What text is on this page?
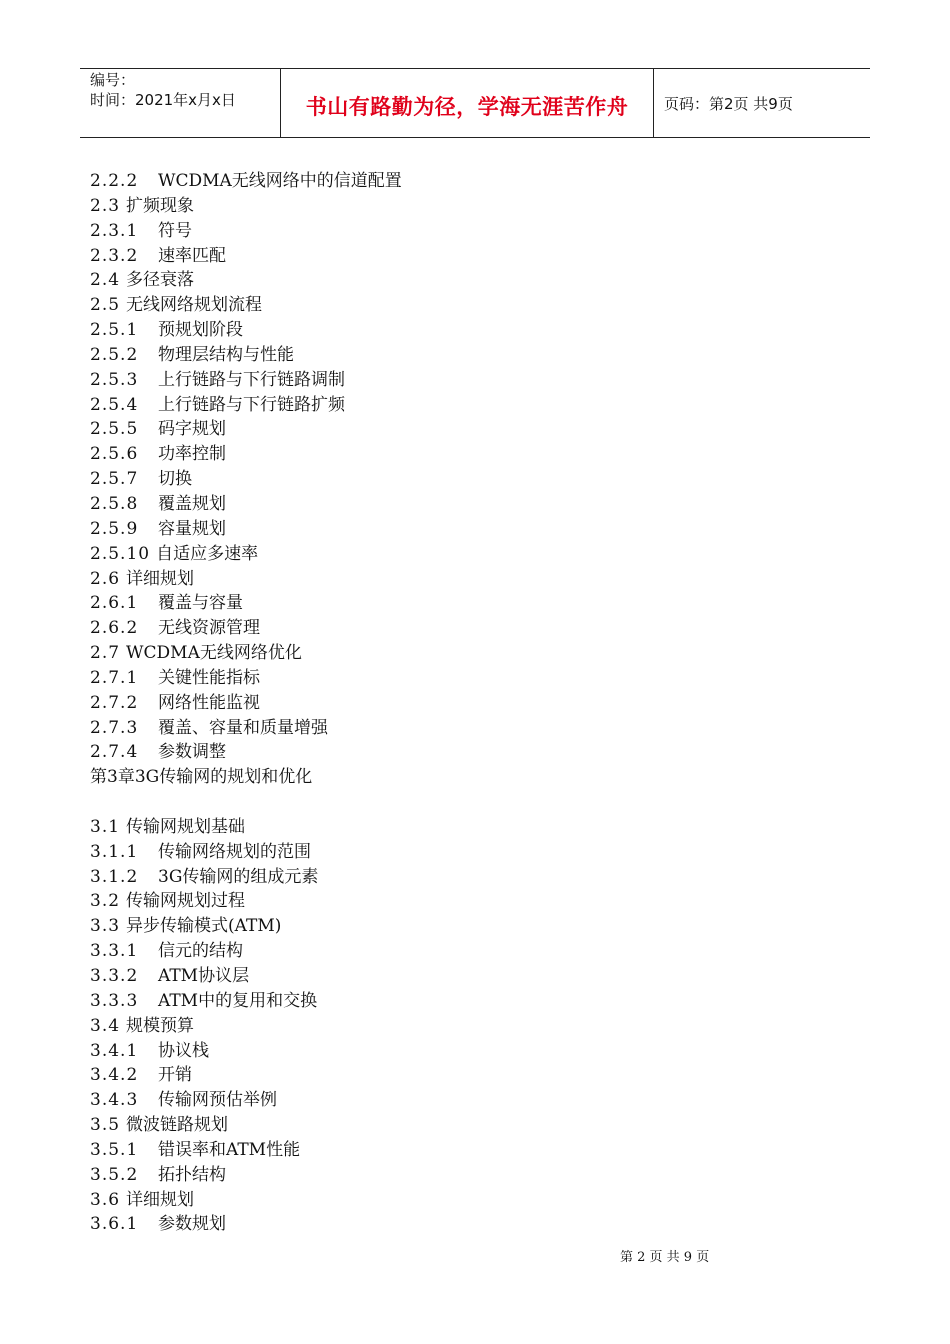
编号：
时间：2021年x月x日	书山有路勤为径，学海无涯苦作舟	页码：第2页 共9页
2.2.2 WCDMA无线网络中的信道配置
2.3 扩频现象
2.3.1 符号
2.3.2 速率匹配
2.4 多径衰落
2.5 无线网络规划流程
2.5.1 预规划阶段
2.5.2 物理层结构与性能
2.5.3 上行链路与下行链路调制
2.5.4 上行链路与下行链路扩频
2.5.5 码字规划
2.5.6 功率控制
2.5.7 切换
2.5.8 覆盖规划
2.5.9 容量规划
2.5.10 自适应多速率
2.6 详细规划
2.6.1 覆盖与容量
2.6.2 无线资源管理
2.7 WCDMA无线网络优化
2.7.1 关键性能指标
2.7.2 网络性能监视
2.7.3 覆盖、容量和质量增强
2.7.4 参数调整
第3章3G传输网的规划和优化
3.1 传输网规划基础
3.1.1 传输网络规划的范围
3.1.2 3G传输网的组成元素
3.2 传输网规划过程
3.3 异步传输模式(ATM)
3.3.1 信元的结构
3.3.2 ATM协议层
3.3.3 ATM中的复用和交换
3.4 规模预算
3.4.1 协议栈
3.4.2 开销
3.4.3 传输网预估举例
3.5 微波链路规划
3.5.1 错误率和ATM性能
3.5.2 拓扑结构
3.6 详细规划
3.6.1 参数规划
第 2 页 共 9 页
